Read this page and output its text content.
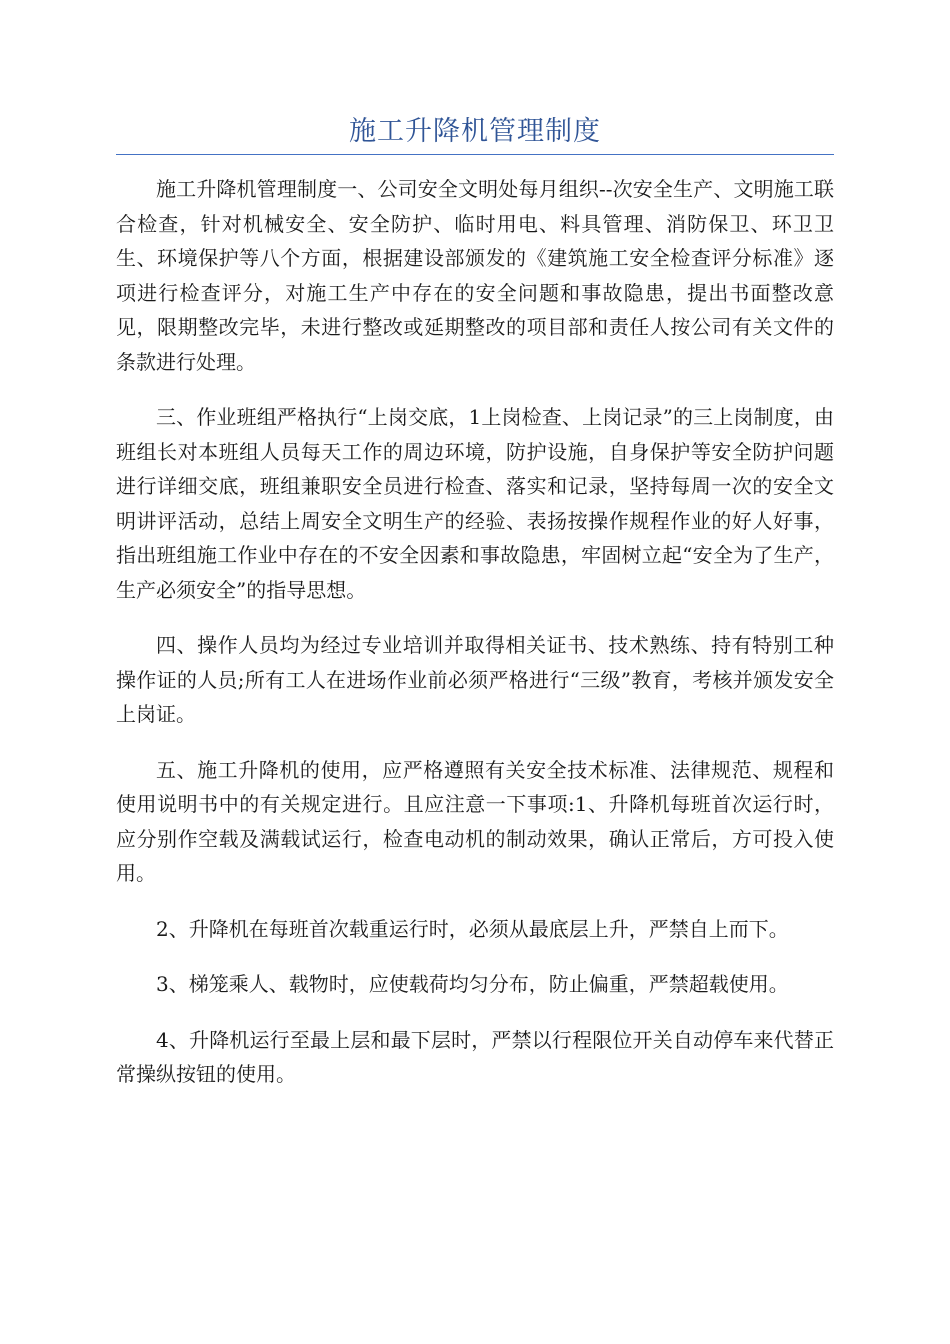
施工升降机管理制度

施工升降机管理制度一、公司安全文明处每月组织--次安全生产、文明施工联合检查，针对机械安全、安全防护、临时用电、料具管理、消防保卫、环卫卫生、环境保护等八个方面，根据建设部颁发的《建筑施工安全检查评分标准》逐项进行检查评分，对施工生产中存在的安全问题和事故隐患，提出书面整改意见，限期整改完毕，未进行整改或延期整改的项目部和责任人按公司有关文件的条款进行处理。

三、作业班组严格执行“上岗交底，1上岗检查、上岗记录”的三上岗制度，由班组长对本班组人员每天工作的周边环境，防护设施，自身保护等安全防护问题进行详细交底，班组兼职安全员进行检查、落实和记录，坚持每周一次的安全文明讲评活动，总结上周安全文明生产的经验、表扬按操作规程作业的好人好事，指出班组施工作业中存在的不安全因素和事故隐患，牢固树立起“安全为了生产，生产必须安全”的指导思想。

四、操作人员均为经过专业培训并取得相关证书、技术熟练、持有特别工种操作证的人员;所有工人在进场作业前必须严格进行“三级”教育，考核并颁发安全上岗证。

五、施工升降机的使用，应严格遵照有关安全技术标准、法律规范、规程和使用说明书中的有关规定进行。且应注意一下事项:1、升降机每班首次运行时，应分别作空载及满载试运行，检查电动机的制动效果，确认正常后，方可投入使用。

2、升降机在每班首次载重运行时，必须从最底层上升，严禁自上而下。

3、梯笼乘人、载物时，应使载荷均匀分布，防止偏重，严禁超载使用。

4、升降机运行至最上层和最下层时，严禁以行程限位开关自动停车来代替正常操纵按钮的使用。
